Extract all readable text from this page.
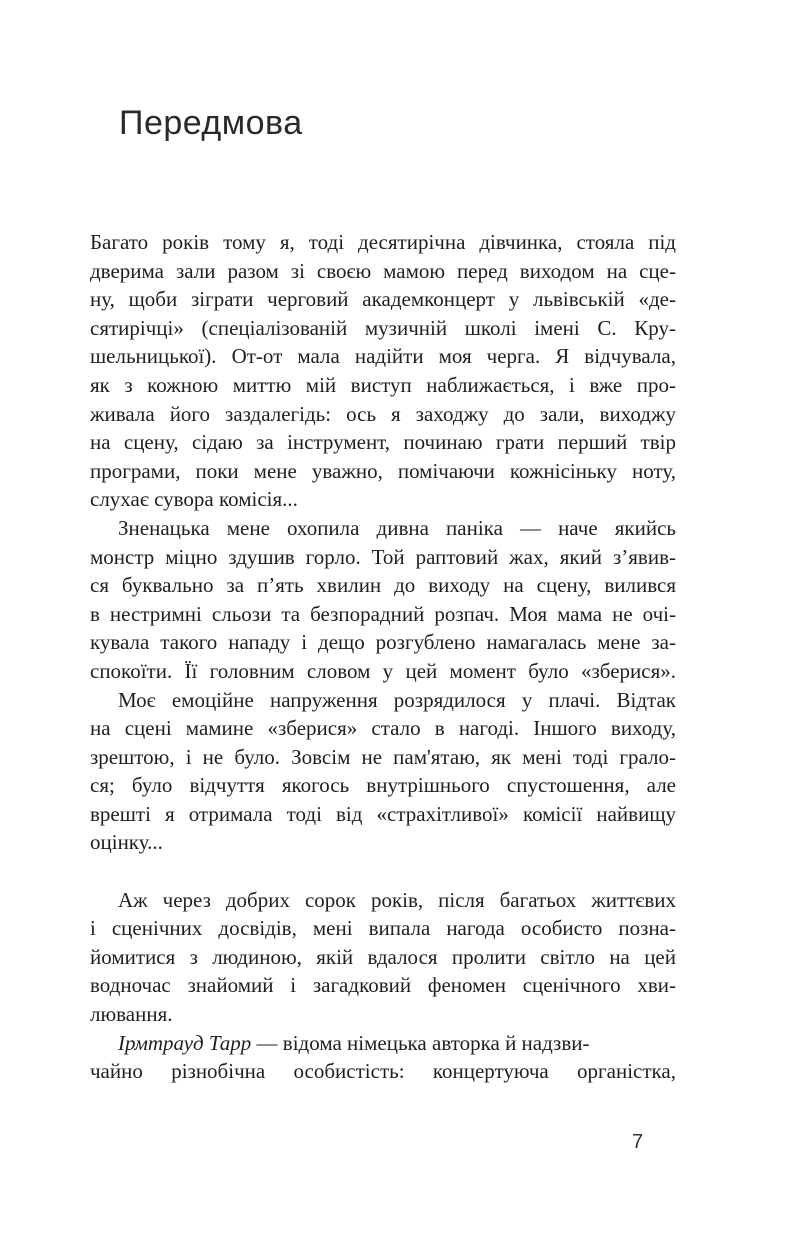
Передмова
Багато років тому я, тоді десятирічна дівчинка, стояла під
дверима зали разом зі своєю мамою перед виходом на сце-
ну, щоби зіграти черговий академконцерт у львівській «де-
сятирічці» (спеціалізованій музичній школі імені С. Кру-
шельницької). От-от мала надійти моя черга. Я відчувала,
як з кожною миттю мій виступ наближається, і вже про-
живала його заздалегідь: ось я заходжу до зали, виходжу
на сцену, сідаю за інструмент, починаю грати перший твір
програми, поки мене уважно, помічаючи кожнісіньку ноту,
слухає сувора комісія...
Зненацька мене охопила дивна паніка — наче якийсь
монстр міцно здушив горло. Той раптовий жах, який з’явив-
ся буквально за п’ять хвилин до виходу на сцену, вилився
в нестримні сльози та безпорадний розпач. Моя мама не очі-
кувала такого нападу і дещо розгублено намагалась мене за-
спокоїти. Її головним словом у цей момент було «зберися».
Моє емоційне напруження розрядилося у плачі. Відтак
на сцені мамине «зберися» стало в нагоді. Іншого виходу,
зрештою, і не було. Зовсім не пам'ятаю, як мені тоді грало-
ся; було відчуття якогось внутрішнього спустошення, але
врешті я отримала тоді від «страхітливої» комісії найвищу
оцінку...
Аж через добрих сорок років, після багатьох життєвих
і сценічних досвідів, мені випала нагода особисто позна-
йомитися з людиною, якій вдалося пролити світло на цей
водночас знайомий і загадковий феномен сценічного хви-
лювання.
Ірмтрауд Тарр — відома німецька авторка й надзви-
чайно різнобічна особистість: концертуюча органістка,
7
